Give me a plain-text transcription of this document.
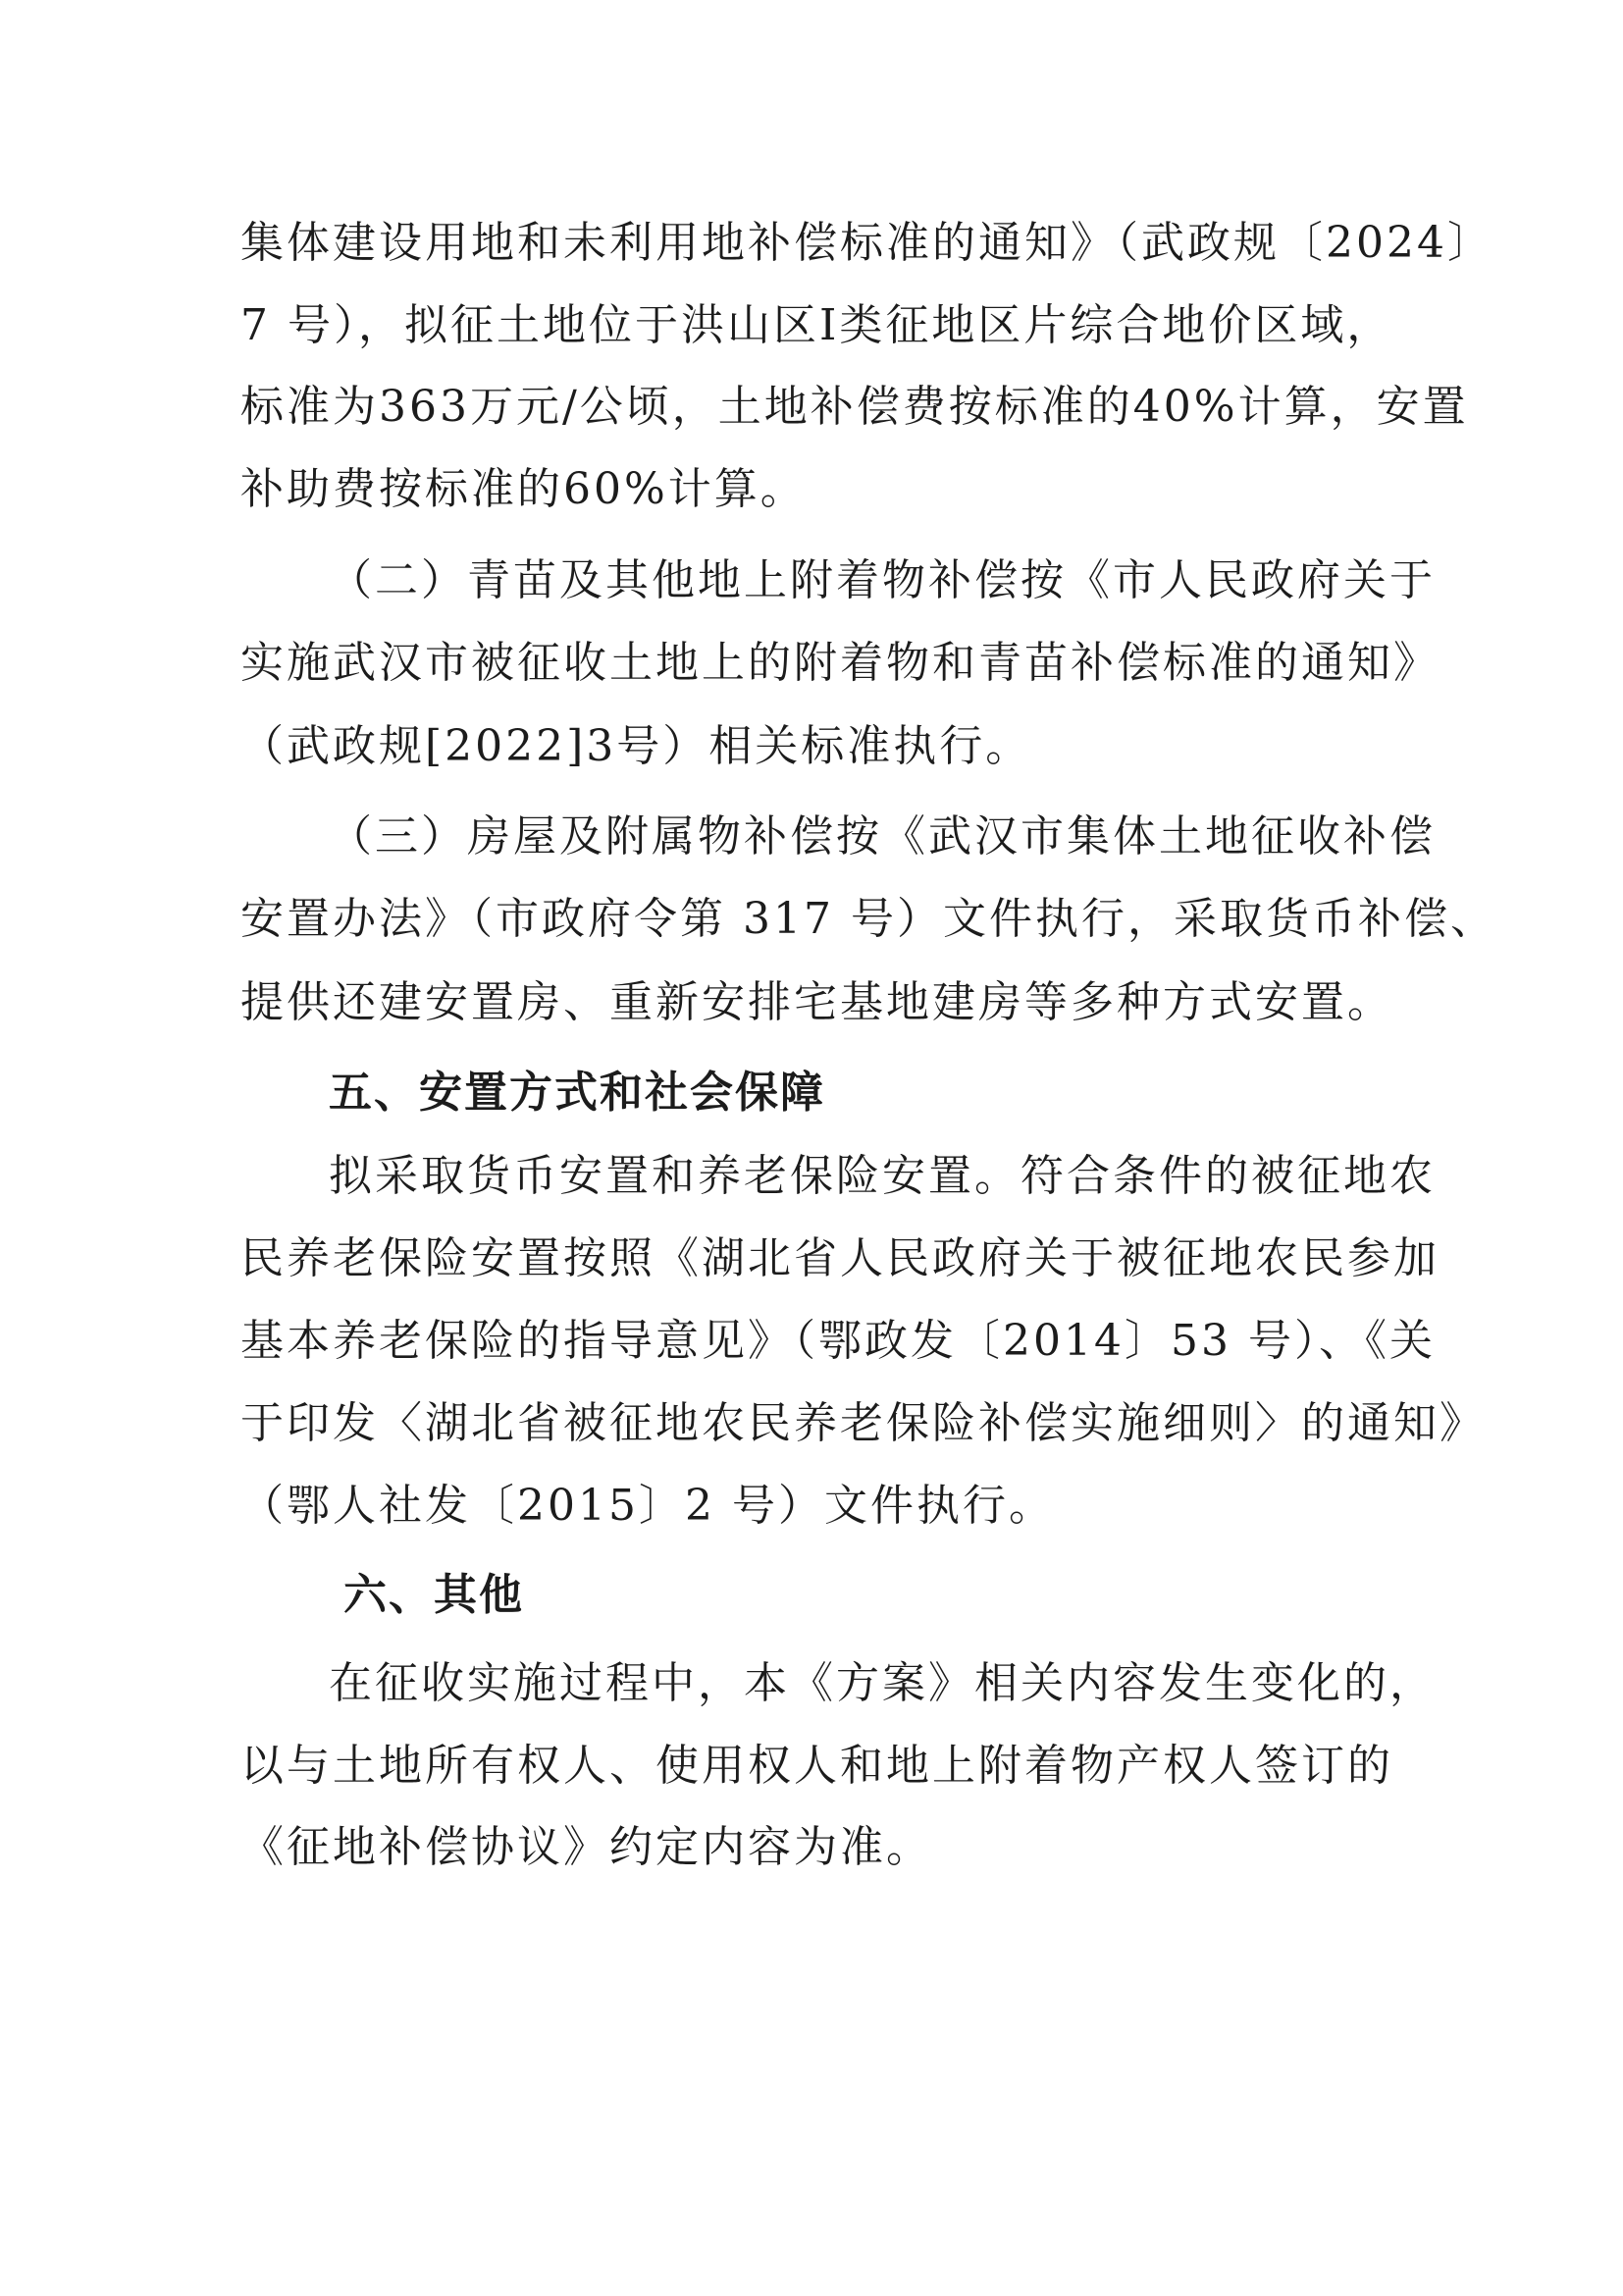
集体建设用地和未利用地补偿标准的通知》（武政规〔2024〕
7 号），拟征土地位于洪山区I类征地区片综合地价区域，
标准为363万元/公顷，土地补偿费按标准的40%计算，安置
补助费按标准的60%计算。
（二）青苗及其他地上附着物补偿按《市人民政府关于
实施武汉市被征收土地上的附着物和青苗补偿标准的通知》
（武政规[2022]3号）相关标准执行。
（三）房屋及附属物补偿按《武汉市集体土地征收补偿
安置办法》（市政府令第 317 号）文件执行，采取货币补偿、
提供还建安置房、重新安排宅基地建房等多种方式安置。
五、安置方式和社会保障
拟采取货币安置和养老保险安置。符合条件的被征地农
民养老保险安置按照《湖北省人民政府关于被征地农民参加
基本养老保险的指导意见》（鄂政发〔2014〕53 号）、《关
于印发〈湖北省被征地农民养老保险补偿实施细则〉的通知》
（鄂人社发〔2015〕2 号）文件执行。
六、其他
在征收实施过程中，本《方案》相关内容发生变化的，
以与土地所有权人、使用权人和地上附着物产权人签订的
《征地补偿协议》约定内容为准。
